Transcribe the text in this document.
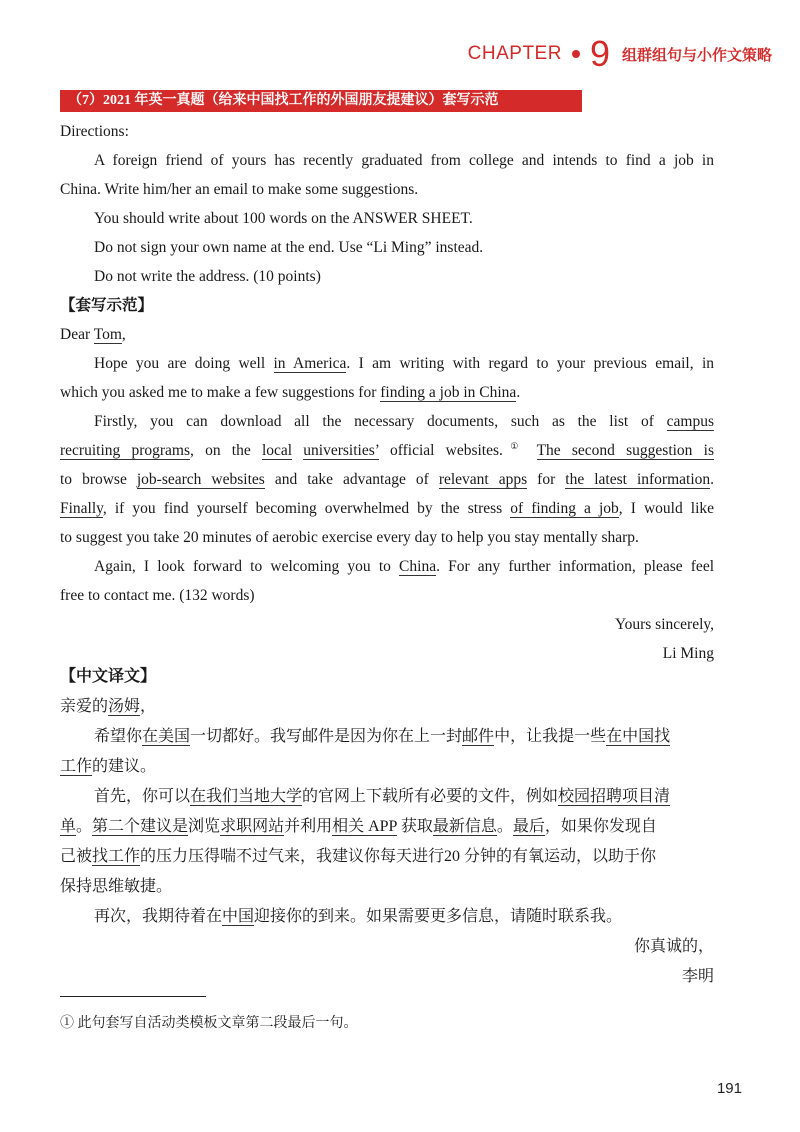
CHAPTER 9 组群组句与小作文策略
（7）2021 年英一真题（给来中国找工作的外国朋友提建议）套写示范
Directions:
A foreign friend of yours has recently graduated from college and intends to find a job in
China. Write him/her an email to make some suggestions.
You should write about 100 words on the ANSWER SHEET.
Do not sign your own name at the end. Use “Li Ming” instead.
Do not write the address. (10 points)
【套写示范】
Dear Tom,
Hope you are doing well in America. I am writing with regard to your previous email, in
which you asked me to make a few suggestions for finding a job in China.
Firstly, you can download all the necessary documents, such as the list of campus
recruiting programs, on the local universities’ official websites.① The second suggestion is
to browse job-search websites and take advantage of relevant apps for the latest information.
Finally, if you find yourself becoming overwhelmed by the stress of finding a job, I would like
to suggest you take 20 minutes of aerobic exercise every day to help you stay mentally sharp.
Again, I look forward to welcoming you to China. For any further information, please feel
free to contact me. (132 words)
Yours sincerely,
Li Ming
【中文译文】
亲爱的汤姆，
希望你在美国一切都好。我写邮件是因为你在上一封邮件中，让我提一些在中国找
工作的建议。
首先，你可以在我们当地大学的官网上下载所有必要的文件，例如校园招聘项目清
单。第二个建议是浏览求职网站并利用相关 APP 获取最新信息。最后，如果你发现自
己被找工作的压力压得喘不过气来，我建议你每天进行20 分钟的有氧运动，以助于你
保持思维敏捷。
再次，我期待着在中国迎接你的到来。如果需要更多信息，请随时联系我。
你真诚的，
李明
① 此句套写自活动类模板文章第二段最后一句。
191
